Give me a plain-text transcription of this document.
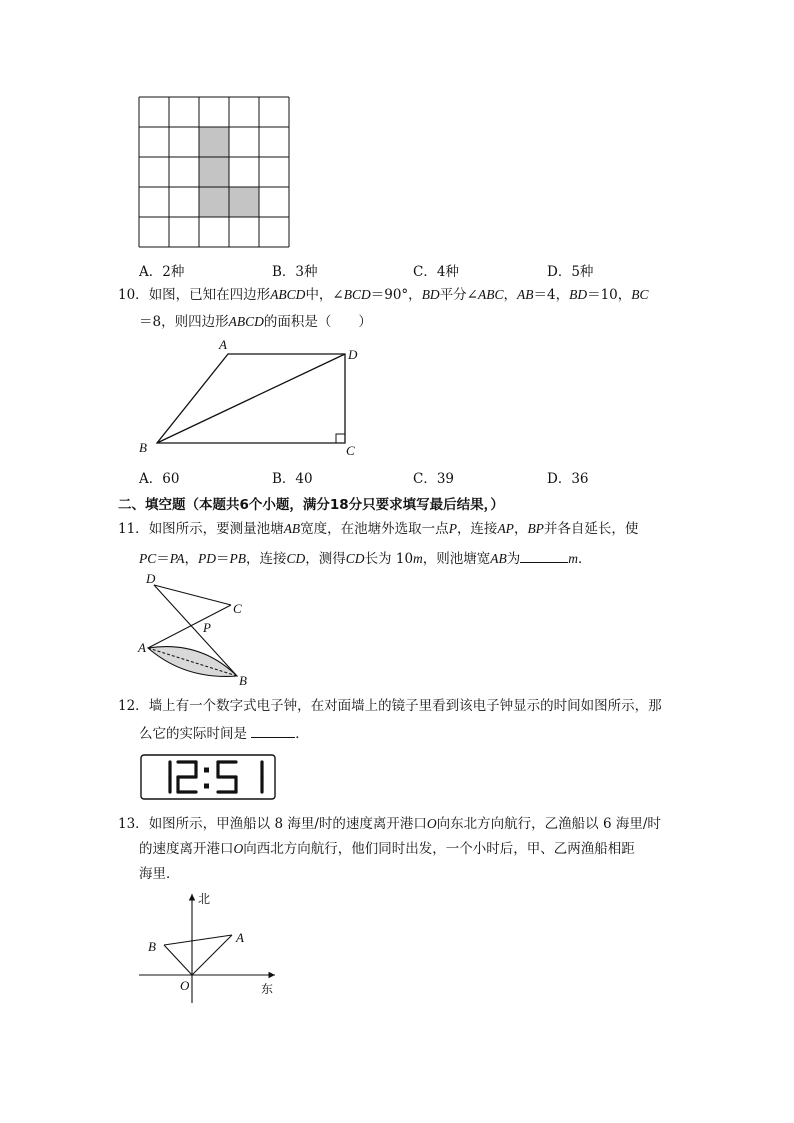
A．2种	B．3种	C．4种	D．5种
10．如图，已知在四边形ABCD中，∠BCD＝90°，BD平分∠ABC，AB＝4，BD＝10，BC
＝8，则四边形ABCD的面积是（　　）
A
D
B	C
A．60	B．40	C．39	D．36
二、填空题（本题共6个小题，满分18分只要求填写最后结果，）
11．如图所示，要测量池塘AB宽度，在池塘外选取一点P，连接AP，BP并各自延长，使
PC＝PA，PD＝PB，连接CD，测得CD长为 10m，则池塘宽AB为	m．
D
C
P
A
B
12．墙上有一个数字式电子钟，在对面墙上的镜子里看到该电子钟显示的时间如图所示，那
么它的实际时间是	．
13．如图所示，甲渔船以 8 海里/时的速度离开港口O向东北方向航行，乙渔船以 6 海里/时
的速度离开港口O向西北方向航行，他们同时出发，一个小时后，甲、乙两渔船相距
海里．
北
东
O
A
B
